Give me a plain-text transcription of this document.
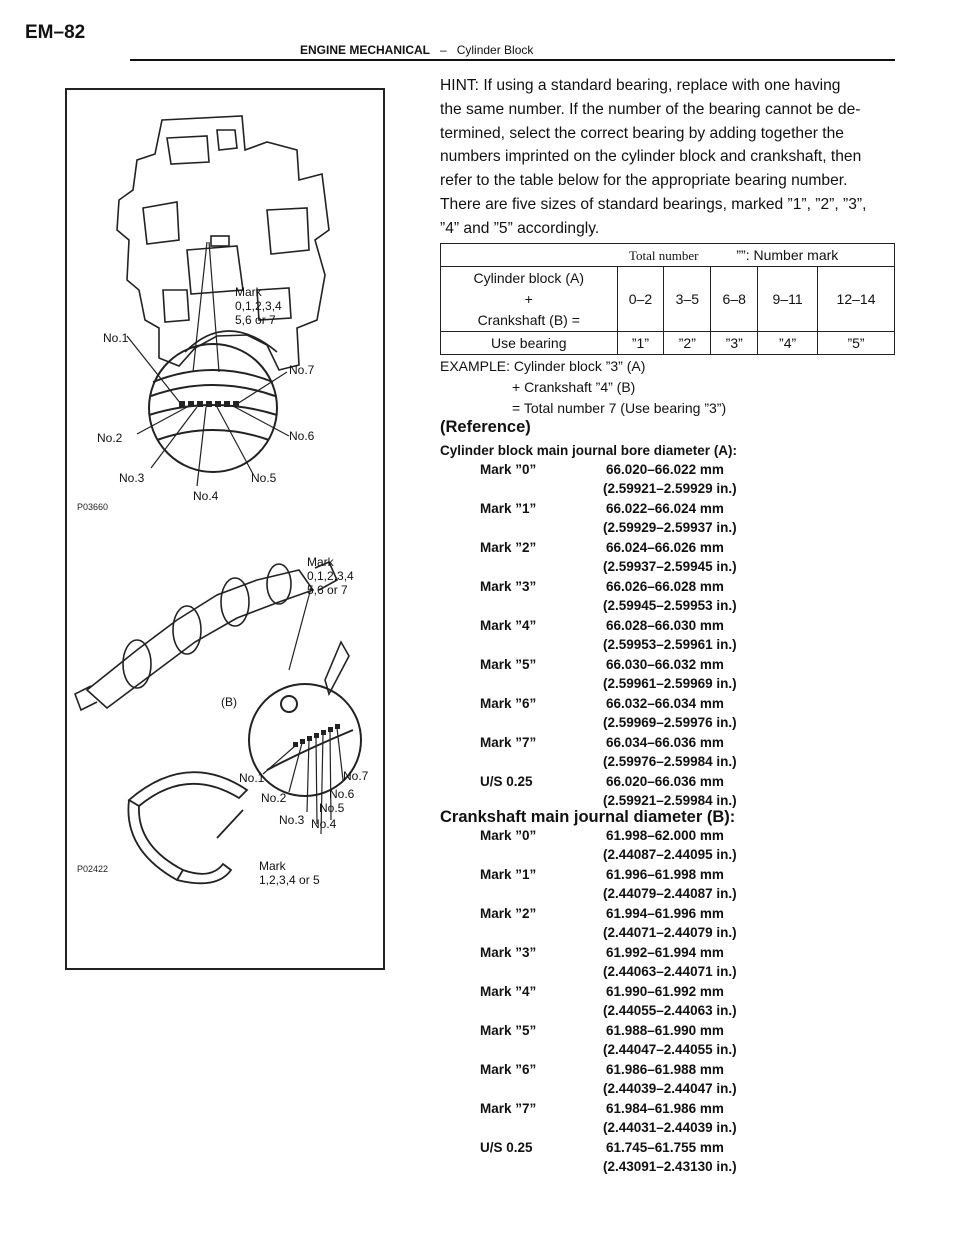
EM–82
ENGINE MECHANICAL – Cylinder Block
Mark
0,1,2,3,4
5,6 or 7
No.1
No.7
No.2	No.6
No.3	No.5
No.4
P03660
Mark
0,1,2,3,4
5,6 or 7
(B)
No.1
No.2
No.3 No.4
No.5
No.6
No.7
Mark
1,2,3,4 or 5
P02422

HINT: If using a standard bearing, replace with one having

the same number. If the number of the bearing cannot be de-

termined, select the correct bearing by adding together the

numbers imprinted on the cylinder block and crankshaft, then

refer to the table below for the appropriate bearing number.

There are five sizes of standard bearings, marked ”1”, ”2”, ”3”,

”4” and ”5” accordingly.

	Total number ””: Number mark				

Cylinder block (A)
+
Crankshaft (B) =	0–2	3–5	6–8	9–11	12–14
Use bearing	”1”	”2”	”3”	”4”	”5”
EXAMPLE: Cylinder block ”3” (A)
+ Crankshaft ”4” (B)
= Total number 7 (Use bearing ”3”)
(Reference)
Cylinder block main journal bore diameter (A):
Mark ”0”	66.020–66.022 mm
(2.59921–2.59929 in.)
Mark ”1”	66.022–66.024 mm
(2.59929–2.59937 in.)
Mark ”2”	66.024–66.026 mm
(2.59937–2.59945 in.)
Mark ”3”	66.026–66.028 mm
(2.59945–2.59953 in.)
Mark ”4”	66.028–66.030 mm
(2.59953–2.59961 in.)
Mark ”5”	66.030–66.032 mm
(2.59961–2.59969 in.)
Mark ”6”	66.032–66.034 mm
(2.59969–2.59976 in.)
Mark ”7”	66.034–66.036 mm
(2.59976–2.59984 in.)
U/S 0.25	66.020–66.036 mm
(2.59921–2.59984 in.)
Crankshaft main journal diameter (B):
Mark ”0”	61.998–62.000 mm
(2.44087–2.44095 in.)
Mark ”1”	61.996–61.998 mm
(2.44079–2.44087 in.)
Mark ”2”	61.994–61.996 mm
(2.44071–2.44079 in.)
Mark ”3”	61.992–61.994 mm
(2.44063–2.44071 in.)
Mark ”4”	61.990–61.992 mm
(2.44055–2.44063 in.)
Mark ”5”	61.988–61.990 mm
(2.44047–2.44055 in.)
Mark ”6”	61.986–61.988 mm
(2.44039–2.44047 in.)
Mark ”7”	61.984–61.986 mm
(2.44031–2.44039 in.)
U/S 0.25	61.745–61.755 mm
(2.43091–2.43130 in.)
